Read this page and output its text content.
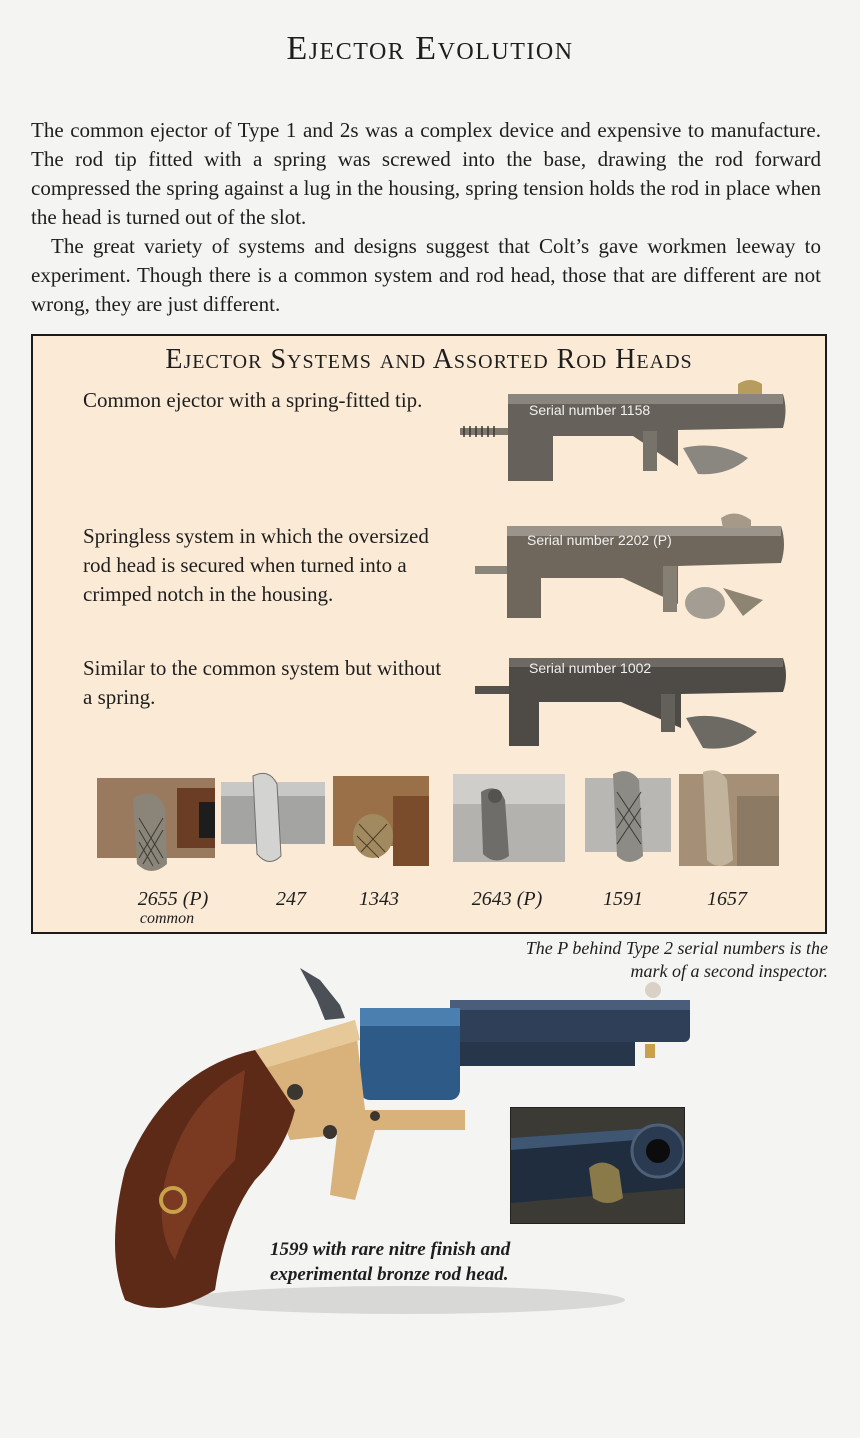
Ejector Evolution

The common ejector of Type 1 and 2s was a complex device and expensive to manufacture. The rod tip fitted with a spring was screwed into the base, drawing the rod forward compressed the spring against a lug in the housing, spring tension holds the rod in place when the head is turned out of the slot.

The great variety of systems and designs suggest that Colt’s gave workmen leeway to experiment. Though there is a common system and rod head, those that are different are not wrong, they are just different.

Ejector Systems and Assorted Rod Heads
Common ejector with a spring-fitted tip.	Serial number 1158
Springless system in which the oversized rod head is secured when turned into a crimped notch in the housing.
Serial number 2202 (P)
Similar to the common system but without a spring.
Serial number 1002
2655 (P)
common
247	1343	2643 (P)	1591	1657
The P behind Type 2 serial numbers is the mark of a second inspector.
1599 with rare nitre finish and experimental bronze rod head.
